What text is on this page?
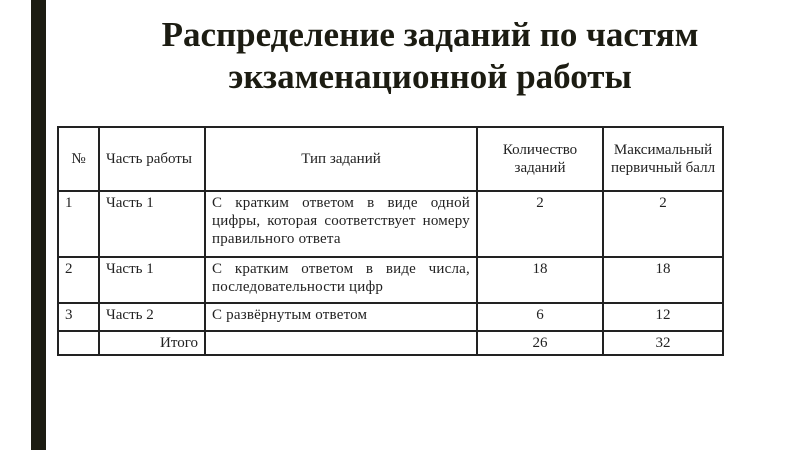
Распределение заданий по частям
экзаменационной работы
№	Часть работы	Тип заданий	Количество заданий	Максимальный первичный балл
1	Часть 1	С кратким ответом в виде одной цифры, которая соответствует номеру правильного ответа	2	2
2	Часть 1	С кратким ответом в виде числа, последовательности цифр	18	18
3	Часть 2	С развёрнутым ответом	6	12
	Итого		26	32
